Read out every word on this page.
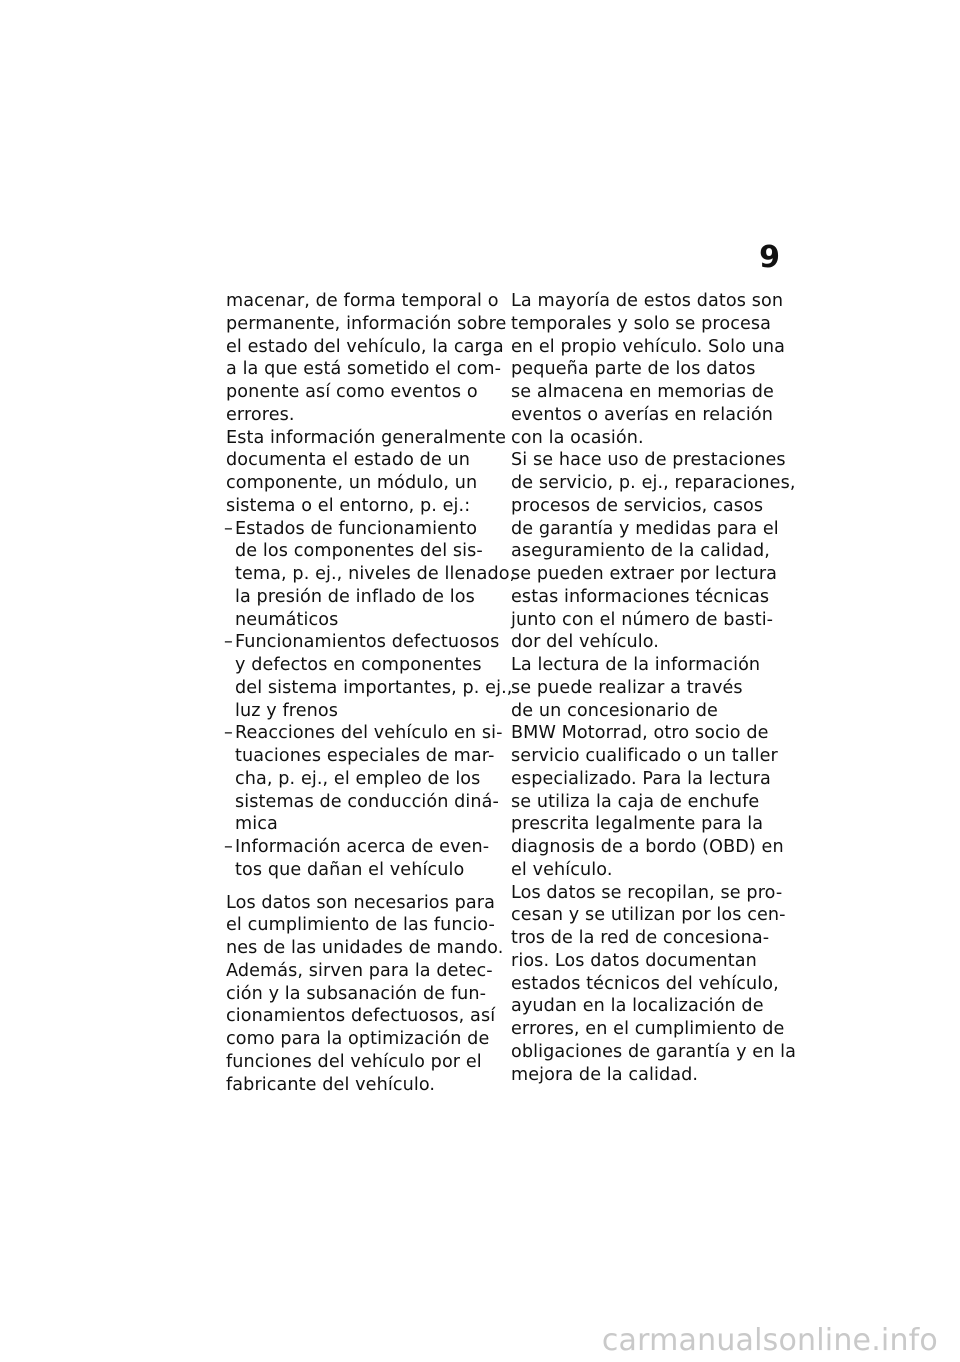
9
macenar, de forma temporal o
permanente, información sobre
el estado del vehículo, la carga
a la que está sometido el com-
ponente así como eventos o
errores.
Esta información generalmente
documenta el estado de un
componente, un módulo, un
sistema o el entorno, p. ej.:
– Estados de funcionamiento
de los componentes del sis-
tema, p. ej., niveles de llenado,
la presión de inflado de los
neumáticos
– Funcionamientos defectuosos
y defectos en componentes
del sistema importantes, p. ej.,
luz y frenos
– Reacciones del vehículo en si-
tuaciones especiales de mar-
cha, p. ej., el empleo de los
sistemas de conducción diná-
mica
– Información acerca de even-
tos que dañan el vehículo
Los datos son necesarios para
el cumplimiento de las funcio-
nes de las unidades de mando.
Además, sirven para la detec-
ción y la subsanación de fun-
cionamientos defectuosos, así
como para la optimización de
funciones del vehículo por el
fabricante del vehículo.
La mayoría de estos datos son
temporales y solo se procesa
en el propio vehículo. Solo una
pequeña parte de los datos
se almacena en memorias de
eventos o averías en relación
con la ocasión.
Si se hace uso de prestaciones
de servicio, p. ej., reparaciones,
procesos de servicios, casos
de garantía y medidas para el
aseguramiento de la calidad,
se pueden extraer por lectura
estas informaciones técnicas
junto con el número de basti-
dor del vehículo.
La lectura de la información
se puede realizar a través
de un concesionario de
BMW Motorrad, otro socio de
servicio cualificado o un taller
especializado. Para la lectura
se utiliza la caja de enchufe
prescrita legalmente para la
diagnosis de a bordo (OBD) en
el vehículo.
Los datos se recopilan, se pro-
cesan y se utilizan por los cen-
tros de la red de concesiona-
rios. Los datos documentan
estados técnicos del vehículo,
ayudan en la localización de
errores, en el cumplimiento de
obligaciones de garantía y en la
mejora de la calidad.
carmanualsonline.info
